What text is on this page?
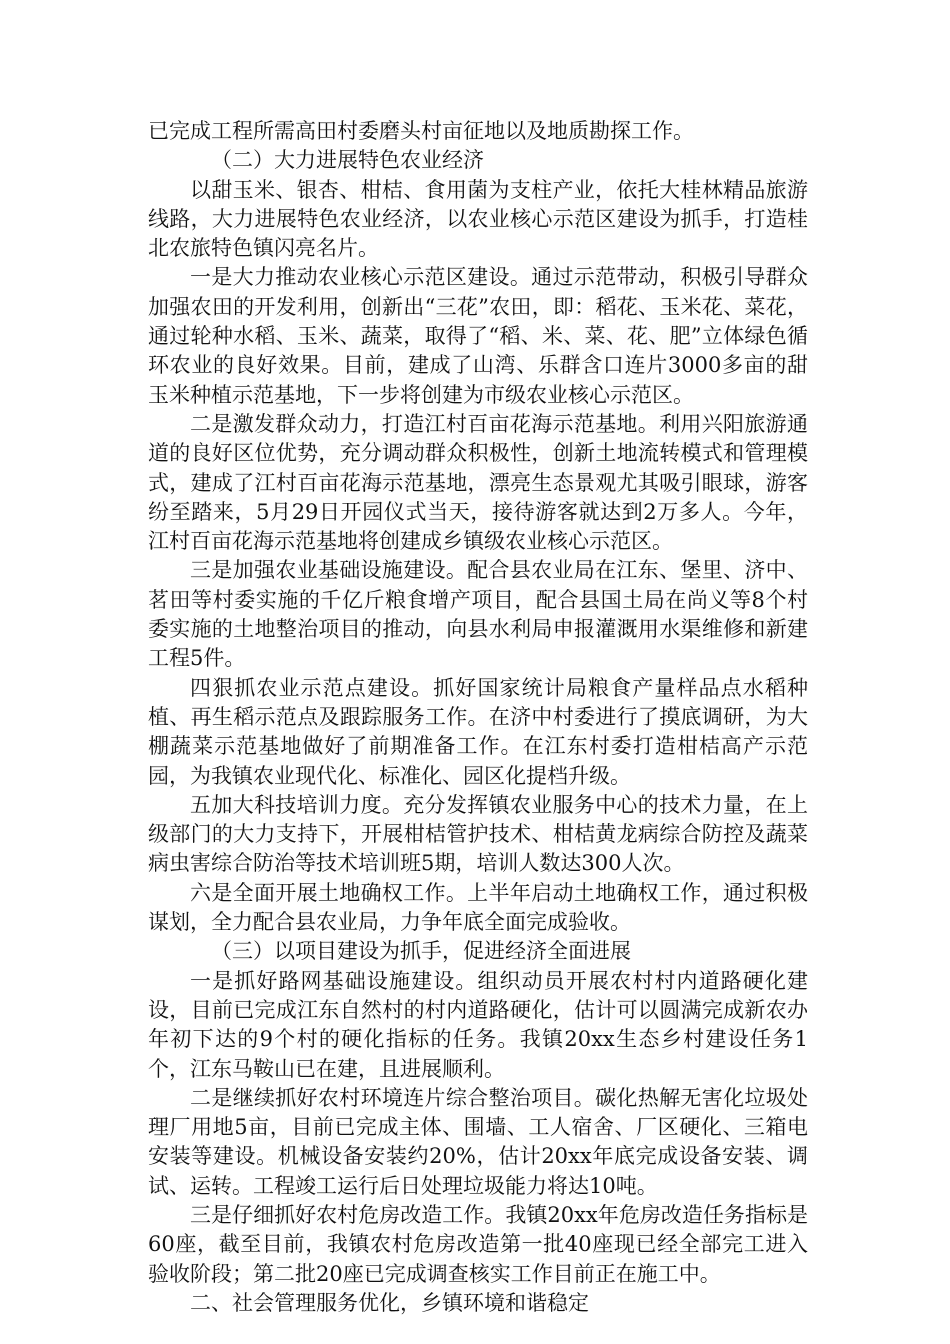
已完成工程所需高田村委磨头村亩征地以及地质勘探工作。

（二）大力进展特色农业经济

以甜玉米、银杏、柑桔、食用菌为支柱产业，依托大桂林精品旅游线路，大力进展特色农业经济，以农业核心示范区建设为抓手，打造桂北农旅特色镇闪亮名片。

一是大力推动农业核心示范区建设。通过示范带动，积极引导群众加强农田的开发利用，创新出“三花”农田，即：稻花、玉米花、菜花，通过轮种水稻、玉米、蔬菜，取得了“稻、米、菜、花、肥”立体绿色循环农业的良好效果。目前，建成了山湾、乐群含口连片3000多亩的甜玉米种植示范基地，下一步将创建为市级农业核心示范区。

二是激发群众动力，打造江村百亩花海示范基地。利用兴阳旅游通道的良好区位优势，充分调动群众积极性，创新土地流转模式和管理模式，建成了江村百亩花海示范基地，漂亮生态景观尤其吸引眼球，游客纷至踏来，5月29日开园仪式当天，接待游客就达到2万多人。今年，江村百亩花海示范基地将创建成乡镇级农业核心示范区。

三是加强农业基础设施建设。配合县农业局在江东、堡里、济中、茗田等村委实施的千亿斤粮食增产项目，配合县国土局在尚义等8个村委实施的土地整治项目的推动，向县水利局申报灌溉用水渠维修和新建工程5件。

四狠抓农业示范点建设。抓好国家统计局粮食产量样品点水稻种植、再生稻示范点及跟踪服务工作。在济中村委进行了摸底调研，为大棚蔬菜示范基地做好了前期准备工作。在江东村委打造柑桔高产示范园，为我镇农业现代化、标准化、园区化提档升级。

五加大科技培训力度。充分发挥镇农业服务中心的技术力量，在上级部门的大力支持下，开展柑桔管护技术、柑桔黄龙病综合防控及蔬菜病虫害综合防治等技术培训班5期，培训人数达300人次。

六是全面开展土地确权工作。上半年启动土地确权工作，通过积极谋划，全力配合县农业局，力争年底全面完成验收。

（三）以项目建设为抓手，促进经济全面进展

一是抓好路网基础设施建设。组织动员开展农村村内道路硬化建设，目前已完成江东自然村的村内道路硬化，估计可以圆满完成新农办年初下达的9个村的硬化指标的任务。我镇20xx生态乡村建设任务1个，江东马鞍山已在建，且进展顺利。

二是继续抓好农村环境连片综合整治项目。碳化热解无害化垃圾处理厂用地5亩，目前已完成主体、围墙、工人宿舍、厂区硬化、三箱电安装等建设。机械设备安装约20%，估计20xx年底完成设备安装、调试、运转。工程竣工运行后日处理垃圾能力将达10吨。

三是仔细抓好农村危房改造工作。我镇20xx年危房改造任务指标是60座，截至目前，我镇农村危房改造第一批40座现已经全部完工进入验收阶段；第二批20座已完成调查核实工作目前正在施工中。

二、社会管理服务优化，乡镇环境和谐稳定
